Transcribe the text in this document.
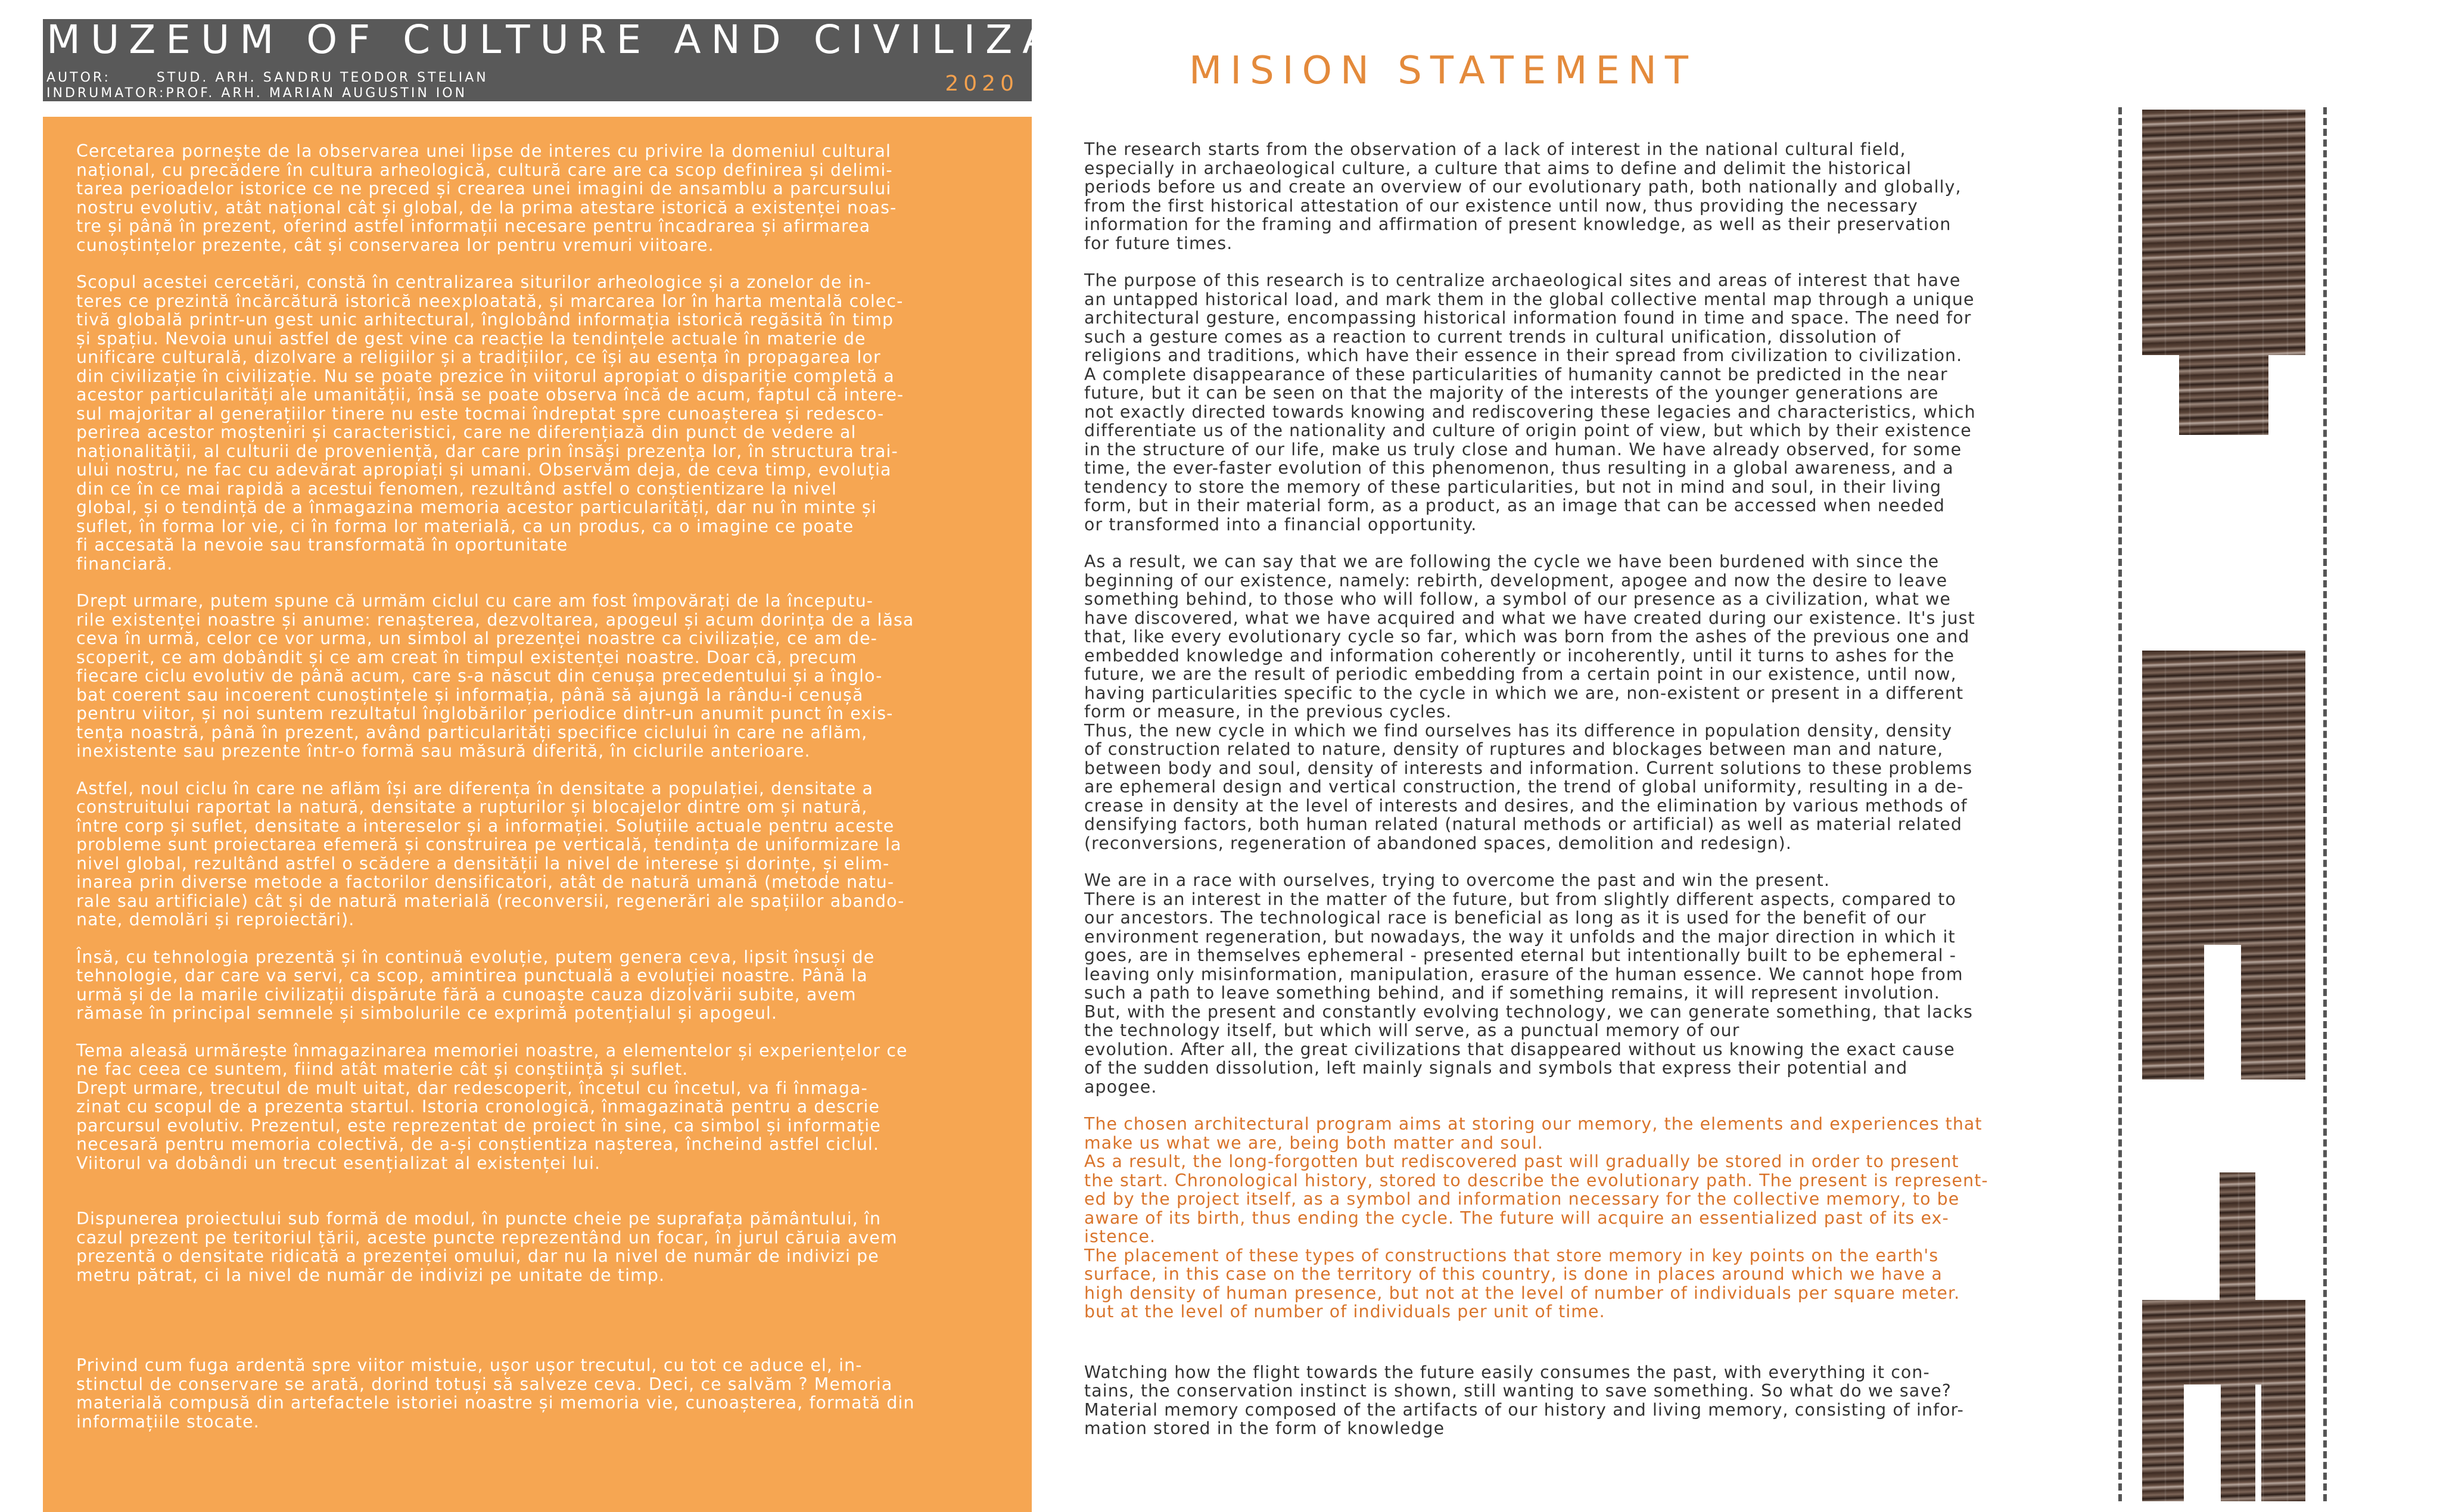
MUZEUM OF CULTURE AND CIVILIZATION
AUTOR:       STUD. ARH. SANDRU TEODOR STELIAN
INDRUMATOR:PROF. ARH. MARIAN AUGUSTIN ION	2020

Cercetarea pornește de la observarea unei lipse de interes cu privire la domeniul cultural
național, cu precădere în cultura arheologică, cultură care are ca scop definirea și delimi-
tarea perioadelor istorice ce ne preced și crearea unei imagini de ansamblu a parcursului
nostru evolutiv, atât național cât și global, de la prima atestare istorică a existenței noas-
tre și până în prezent, oferind astfel informații necesare pentru încadrarea și afirmarea
cunoștințelor prezente, cât și conservarea lor pentru vremuri viitoare.

Scopul acestei cercetări, constă în centralizarea siturilor arheologice și a zonelor de in-
teres ce prezintă încărcătură istorică neexploatată, și marcarea lor în harta mentală colec-
tivă globală printr-un gest unic arhitectural, înglobând informația istorică regăsită în timp
și spațiu. Nevoia unui astfel de gest vine ca reacție la tendințele actuale în materie de
unificare culturală, dizolvare a religiilor și a tradițiilor, ce își au esența în propagarea lor
din civilizație în civilizație. Nu se poate prezice în viitorul apropiat o dispariție completă a
acestor particularități ale umanității, însă se poate observa încă de acum, faptul că intere-
sul majoritar al generațiilor tinere nu este tocmai îndreptat spre cunoașterea și redesco-
perirea acestor moșteniri și caracteristici, care ne diferențiază din punct de vedere al
naționalității, al culturii de proveniență, dar care prin însăși prezența lor, în structura trai-
ului nostru, ne fac cu adevărat apropiați și umani. Observăm deja, de ceva timp, evoluția
din ce în ce mai rapidă a acestui fenomen, rezultând astfel o conștientizare la nivel
global, și o tendință de a înmagazina memoria acestor particularități, dar nu în minte și
suflet, în forma lor vie, ci în forma lor materială, ca un produs, ca o imagine ce poate
fi accesată la nevoie sau transformată în oportunitate
financiară.

Drept urmare, putem spune că urmăm ciclul cu care am fost împovărați de la începutu-
rile existenței noastre și anume: renașterea, dezvoltarea, apogeul și acum dorința de a lăsa
ceva în urmă, celor ce vor urma, un simbol al prezenței noastre ca civilizație, ce am de-
scoperit, ce am dobândit și ce am creat în timpul existenței noastre. Doar că, precum
fiecare ciclu evolutiv de până acum, care s-a născut din cenușa precedentului și a înglo-
bat coerent sau incoerent cunoștințele și informația, până să ajungă la rându-i cenușă
pentru viitor, și noi suntem rezultatul înglobărilor periodice dintr-un anumit punct în exis-
tența noastră, până în prezent, având particularități specifice ciclului în care ne aflăm,
inexistente sau prezente într-o formă sau măsură diferită, în ciclurile anterioare.

Astfel, noul ciclu în care ne aflăm își are diferența în densitate a populației, densitate a
construitului raportat la natură, densitate a rupturilor și blocajelor dintre om și natură,
între corp și suflet, densitate a intereselor și a informației. Soluțiile actuale pentru aceste
probleme sunt proiectarea efemeră și construirea pe verticală, tendința de uniformizare la
nivel global, rezultând astfel o scădere a densității la nivel de interese și dorințe, și elim-
inarea prin diverse metode a factorilor densificatori, atât de natură umană (metode natu-
rale sau artificiale) cât și de natură materială (reconversii, regenerări ale spațiilor abando-
nate, demolări și reproiectări).

Însă, cu tehnologia prezentă și în continuă evoluție, putem genera ceva, lipsit însuși de
tehnologie, dar care va servi, ca scop, amintirea punctuală a evoluției noastre. Până la
urmă și de la marile civilizații dispărute fără a cunoaște cauza dizolvării subite, avem
rămase în principal semnele și simbolurile ce exprimă potențialul și apogeul.

Tema aleasă urmărește înmagazinarea memoriei noastre, a elementelor și experiențelor ce
ne fac ceea ce suntem, fiind atât materie cât și conștiință și suflet.
Drept urmare, trecutul de mult uitat, dar redescoperit, încetul cu încetul, va fi înmaga-
zinat cu scopul de a prezenta startul. Istoria cronologică, înmagazinată pentru a descrie
parcursul evolutiv. Prezentul, este reprezentat de proiect în sine, ca simbol și informație
necesară pentru memoria colectivă, de a-și conștientiza nașterea, încheind astfel ciclul.
Viitorul va dobândi un trecut esențializat al existenței lui.

Dispunerea proiectului sub formă de modul, în puncte cheie pe suprafața pământului, în
cazul prezent pe teritoriul țării, aceste puncte reprezentând un focar, în jurul căruia avem
prezentă o densitate ridicată a prezenței omului, dar nu la nivel de număr de indivizi pe
metru pătrat, ci la nivel de număr de indivizi pe unitate de timp.

Privind cum fuga ardentă spre viitor mistuie, ușor ușor trecutul, cu tot ce aduce el, in-
stinctul de conservare se arată, dorind totuși să salveze ceva. Deci, ce salvăm ? Memoria
materială compusă din artefactele istoriei noastre și memoria vie, cunoașterea, formată din
informațiile stocate.

MISION STATEMENT

The research starts from the observation of a lack of interest in the national cultural field,
especially in archaeological culture, a culture that aims to define and delimit the historical
periods before us and create an overview of our evolutionary path, both nationally and globally,
from the first historical attestation of our existence until now, thus providing the necessary
information for the framing and affirmation of present knowledge, as well as their preservation
for future times.

The purpose of this research is to centralize archaeological sites and areas of interest that have
an untapped historical load, and mark them in the global collective mental map through a unique
architectural gesture, encompassing historical information found in time and space. The need for
such a gesture comes as a reaction to current trends in cultural unification, dissolution of
religions and traditions, which have their essence in their spread from civilization to civilization.
A complete disappearance of these particularities of humanity cannot be predicted in the near
future, but it can be seen on that the majority of the interests of the younger generations are
not exactly directed towards knowing and rediscovering these legacies and characteristics, which
differentiate us of the nationality and culture of origin point of view, but which by their existence
in the structure of our life, make us truly close and human. We have already observed, for some
time, the ever-faster evolution of this phenomenon, thus resulting in a global awareness, and a
tendency to store the memory of these particularities, but not in mind and soul, in their living
form, but in their material form, as a product, as an image that can be accessed when needed
or transformed into a financial opportunity.

As a result, we can say that we are following the cycle we have been burdened with since the
beginning of our existence, namely: rebirth, development, apogee and now the desire to leave
something behind, to those who will follow, a symbol of our presence as a civilization, what we
have discovered, what we have acquired and what we have created during our existence. It's just
that, like every evolutionary cycle so far, which was born from the ashes of the previous one and
embedded knowledge and information coherently or incoherently, until it turns to ashes for the
future, we are the result of periodic embedding from a certain point in our existence, until now,
having particularities specific to the cycle in which we are, non-existent or present in a different
form or measure, in the previous cycles.
Thus, the new cycle in which we find ourselves has its difference in population density, density
of construction related to nature, density of ruptures and blockages between man and nature,
between body and soul, density of interests and information. Current solutions to these problems
are ephemeral design and vertical construction, the trend of global uniformity, resulting in a de-
crease in density at the level of interests and desires, and the elimination by various methods of
densifying factors, both human related (natural methods or artificial) as well as material related
(reconversions, regeneration of abandoned spaces, demolition and redesign).

We are in a race with ourselves, trying to overcome the past and win the present.
There is an interest in the matter of the future, but from slightly different aspects, compared to
our ancestors. The technological race is beneficial as long as it is used for the benefit of our
environment regeneration, but nowadays, the way it unfolds and the major direction in which it
goes, are in themselves ephemeral - presented eternal but intentionally built to be ephemeral -
leaving only misinformation, manipulation, erasure of the human essence. We cannot hope from
such a path to leave something behind, and if something remains, it will represent involution.
But, with the present and constantly evolving technology, we can generate something, that lacks
the technology itself, but which will serve, as a punctual memory of our
evolution. After all, the great civilizations that disappeared without us knowing the exact cause
of the sudden dissolution, left mainly signals and symbols that express their potential and
apogee.

The chosen architectural program aims at storing our memory, the elements and experiences that
make us what we are, being both matter and soul.
As a result, the long-forgotten but rediscovered past will gradually be stored in order to present
the start. Chronological history, stored to describe the evolutionary path. The present is represent-
ed by the project itself, as a symbol and information necessary for the collective memory, to be
aware of its birth, thus ending the cycle. The future will acquire an essentialized past of its ex-
istence.
The placement of these types of constructions that store memory in key points on the earth's
surface, in this case on the territory of this country, is done in places around which we have a
high density of human presence, but not at the level of number of individuals per square meter.
but at the level of number of individuals per unit of time.

Watching how the flight towards the future easily consumes the past, with everything it con-
tains, the conservation instinct is shown, still wanting to save something. So what do we save?
Material memory composed of the artifacts of our history and living memory, consisting of infor-
mation stored in the form of knowledge
